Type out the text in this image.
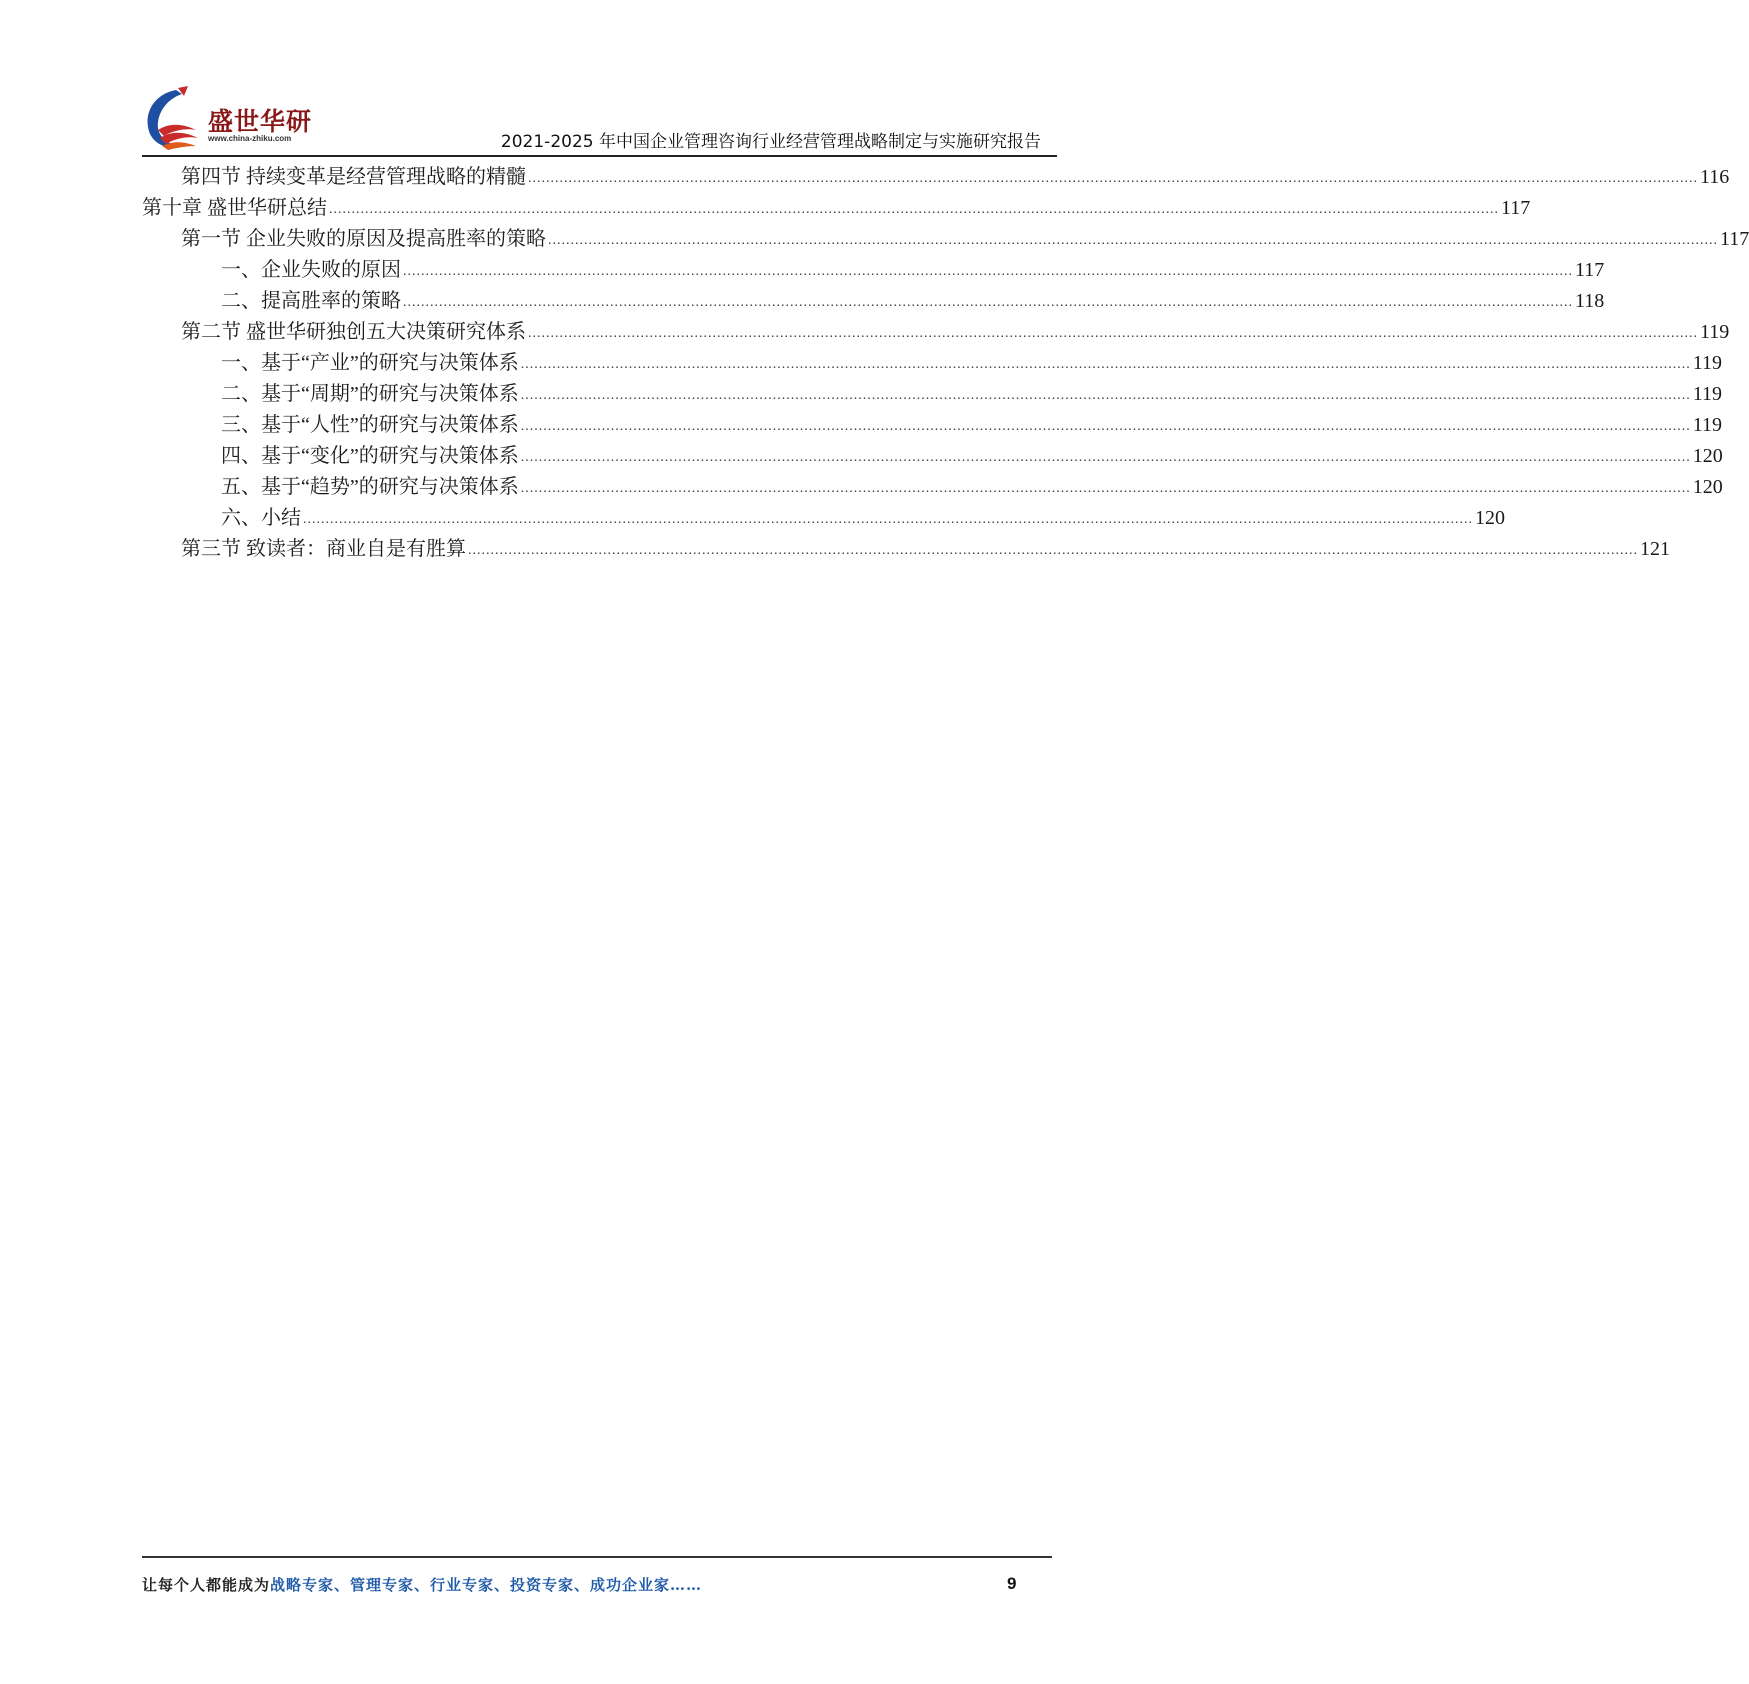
盛世华研
www.china-zhiku.com	2021-2025 年中国企业管理咨询行业经营管理战略制定与实施研究报告
第四节 持续变革是经营管理战略的精髓 .................................................................................................................................................................................................................................................................... 116
第十章 盛世华研总结 .................................................................................................................................................................................................................................................................... 117
第一节 企业失败的原因及提高胜率的策略 .................................................................................................................................................................................................................................................................... 117
一、企业失败的原因 .................................................................................................................................................................................................................................................................... 117
二、提高胜率的策略 .................................................................................................................................................................................................................................................................... 118
第二节 盛世华研独创五大决策研究体系 .................................................................................................................................................................................................................................................................... 119
一、基于“产业”的研究与决策体系 .................................................................................................................................................................................................................................................................... 119
二、基于“周期”的研究与决策体系 .................................................................................................................................................................................................................................................................... 119
三、基于“人性”的研究与决策体系 .................................................................................................................................................................................................................................................................... 119
四、基于“变化”的研究与决策体系 .................................................................................................................................................................................................................................................................... 120
五、基于“趋势”的研究与决策体系 .................................................................................................................................................................................................................................................................... 120
六、小结 .................................................................................................................................................................................................................................................................... 120
第三节 致读者：商业自是有胜算 .................................................................................................................................................................................................................................................................... 121
让每个人都能成为战略专家、管理专家、行业专家、投资专家、成功企业家……	9
